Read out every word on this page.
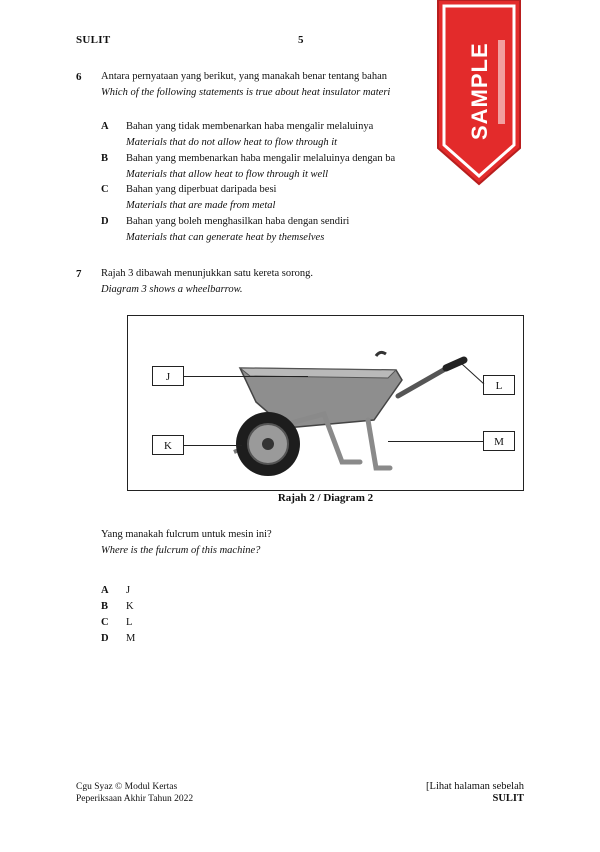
SULIT	5
6 Antara pernyataan yang berikut, yang manakah benar tentang bahan
Which of the following statements is true about heat insulator materi
A Bahan yang tidak membenarkan haba mengalir melaluinya
Materials that do not allow heat to flow through it
B Bahan yang membenarkan haba mengalir melaluinya dengan ba
Materials that allow heat to flow through it well
C Bahan yang diperbuat daripada besi
Materials that are made from metal
D Bahan yang boleh menghasilkan haba dengan sendiri
Materials that can generate heat by themselves
SAMPLE
7 Rajah 3 dibawah menunjukkan satu kereta sorong.
Diagram 3 shows a wheelbarrow.
J
K
L
M
Rajah 2 / Diagram 2
Yang manakah fulcrum untuk mesin ini?
Where is the fulcrum of this machine?
A J
B K
C L
D M
Cgu Syaz © Modul Kertas
Peperiksaan Akhir Tahun 2022
[Lihat halaman sebelah
SULIT
